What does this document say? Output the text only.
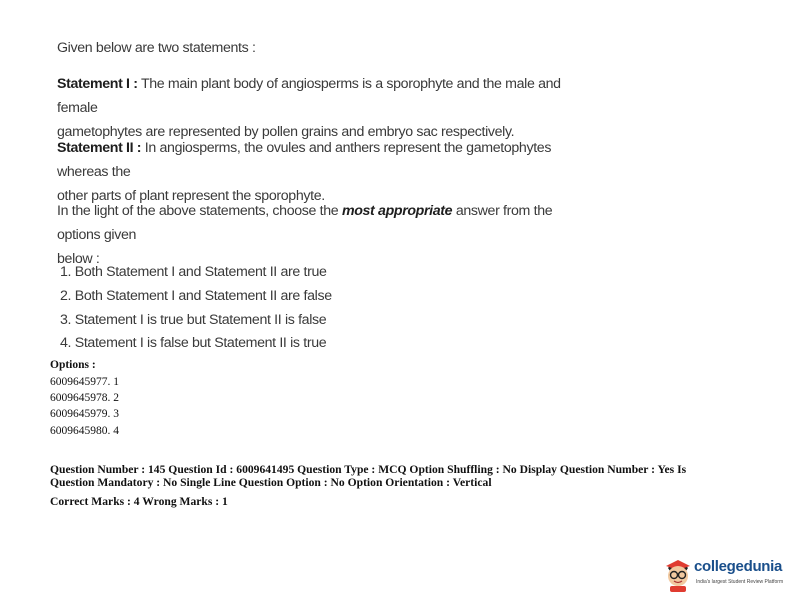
Given below are two statements :
Statement I : The main plant body of angiosperms is a sporophyte and the male and female
gametophytes are represented by pollen grains and embryo sac respectively.
Statement II : In angiosperms, the ovules and anthers represent the gametophytes whereas the
other parts of plant represent the sporophyte.
In the light of the above statements, choose the most appropriate answer from the options given
below :
1. Both Statement I and Statement II are true
2. Both Statement I and Statement II are false
3. Statement I is true but Statement II is false
4. Statement I is false but Statement II is true
Options :
6009645977. 1
6009645978. 2
6009645979. 3
6009645980. 4
Question Number : 145 Question Id : 6009641495 Question Type : MCQ Option Shuffling : No Display Question Number : Yes Is
Question Mandatory : No Single Line Question Option : No Option Orientation : Vertical
Correct Marks : 4 Wrong Marks : 1
collegedunia
India's largest Student Review Platform
